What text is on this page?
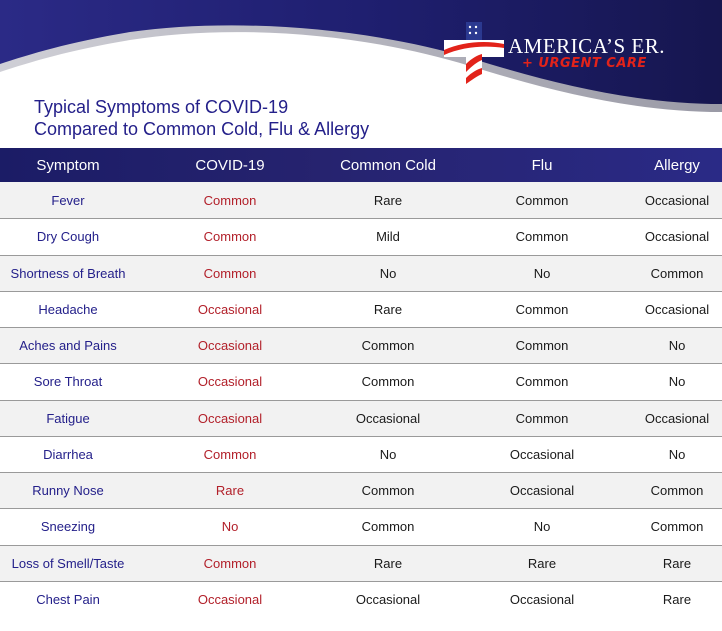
AMERICA’S ER.
+ URGENT CARE
Typical Symptoms of COVID-19
Compared to Common Cold, Flu & Allergy
Symptom	COVID-19	Common Cold	Flu	Allergy
Fever	Common	Rare	Common	Occasional
Dry Cough	Common	Mild	Common	Occasional
Shortness of Breath	Common	No	No	Common
Headache	Occasional	Rare	Common	Occasional
Aches and Pains	Occasional	Common	Common	No
Sore Throat	Occasional	Common	Common	No
Fatigue	Occasional	Occasional	Common	Occasional
Diarrhea	Common	No	Occasional	No
Runny Nose	Rare	Common	Occasional	Common
Sneezing	No	Common	No	Common
Loss of Smell/Taste	Common	Rare	Rare	Rare
Chest Pain	Occasional	Occasional	Occasional	Rare
